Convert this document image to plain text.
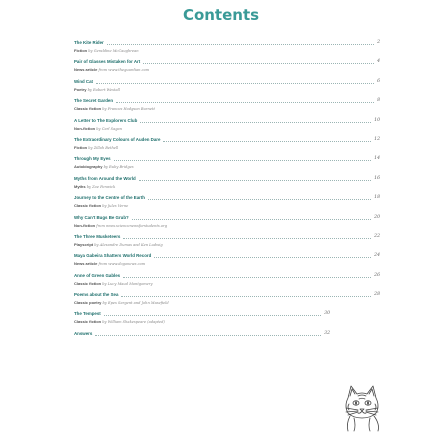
Contents
The Kite Rider	2
Fiction by Geraldine McCaughrean
Pair of Glasses Mistaken for Art	4
News article from www.theguardian.com
Wind Cat	6
Poetry by Robert Westall
The Secret Garden	8
Classic fiction by Frances Hodgson Burnett
A Letter to The Explorers Club	10
Non-fiction by Carl Sagan
The Extraordinary Colours of Auden Dare	12
Fiction by Zillah Bethell
Through My Eyes	14
Autobiography by Ruby Bridges
Myths from Around the World	16
Myths by Zoe Fenwick
Journey to the Centre of the Earth	18
Classic fiction by Jules Verne
Why Can't Bugs Be Grub?	20
Non-fiction from www.sciencenewsforstudents.org
The Three Musketeers	22
Playscript by Alexandre Dumas and Ken Ludwig
Maya Gabeira Shatters World Record	24
News article from www.dogonews.com
Anne of Green Gables	26
Classic fiction by Lucy Maud Montgomery
Poems about the Sea	28
Classic poetry by Epes Sargent and John Masefield
The Tempest	30
Classic fiction by William Shakespeare (adapted)
Answers	32
